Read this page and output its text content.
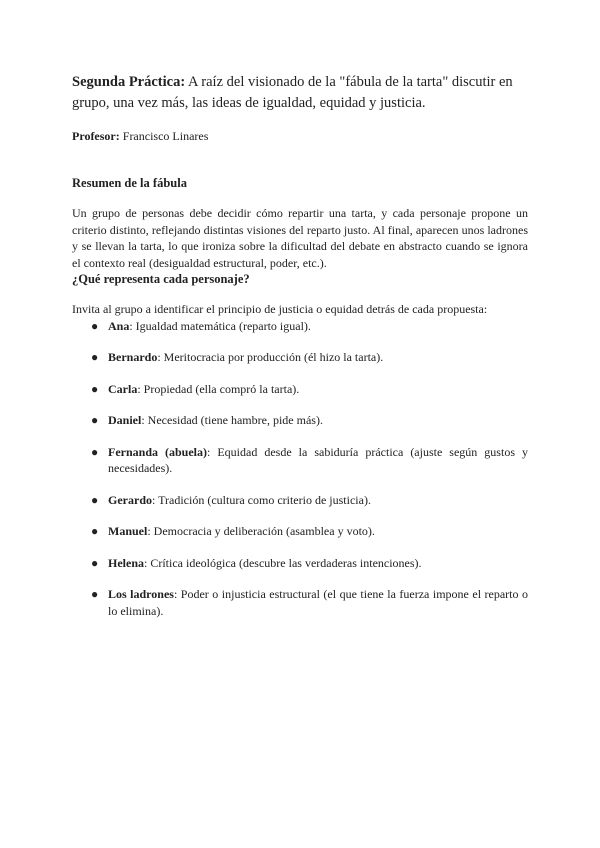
Segunda Práctica: A raíz del visionado de la "fábula de la tarta" discutir en grupo, una vez más, las ideas de igualdad, equidad y justicia.

Profesor: Francisco Linares

Resumen de la fábula

Un grupo de personas debe decidir cómo repartir una tarta, y cada personaje propone un criterio distinto, reflejando distintas visiones del reparto justo. Al final, aparecen unos ladrones y se llevan la tarta, lo que ironiza sobre la dificultad del debate en abstracto cuando se ignora el contexto real (desigualdad estructural, poder, etc.).

¿Qué representa cada personaje?

Invita al grupo a identificar el principio de justicia o equidad detrás de cada propuesta:

● Ana: Igualdad matemática (reparto igual).
● Bernardo: Meritocracia por producción (él hizo la tarta).
● Carla: Propiedad (ella compró la tarta).
● Daniel: Necesidad (tiene hambre, pide más).
● Fernanda (abuela): Equidad desde la sabiduría práctica (ajuste según gustos y necesidades).
● Gerardo: Tradición (cultura como criterio de justicia).
● Manuel: Democracia y deliberación (asamblea y voto).
● Helena: Crítica ideológica (descubre las verdaderas intenciones).
● Los ladrones: Poder o injusticia estructural (el que tiene la fuerza impone el reparto o lo elimina).
